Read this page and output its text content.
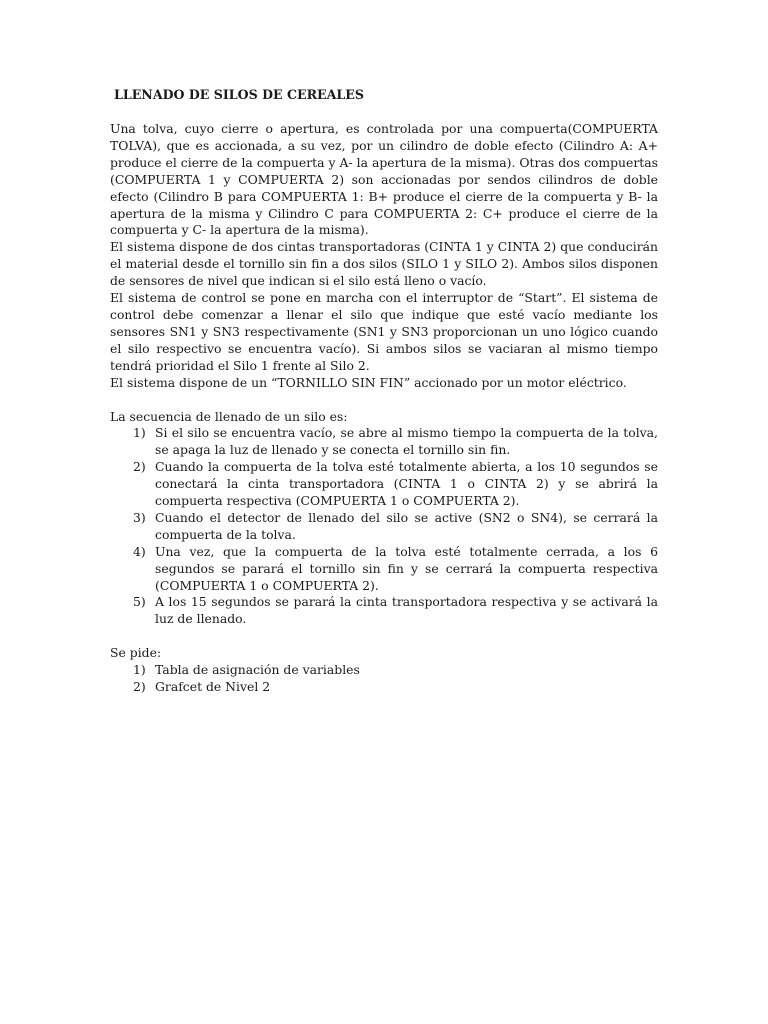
LLENADO DE SILOS DE CEREALES

Una tolva, cuyo cierre o apertura, es controlada por una compuerta(COMPUERTA TOLVA), que es accionada, a su vez, por un cilindro de doble efecto (Cilindro A: A+ produce el cierre de la compuerta y A- la apertura de la misma). Otras dos compuertas (COMPUERTA 1 y COMPUERTA 2) son accionadas por sendos cilindros de doble efecto (Cilindro B para COMPUERTA 1: B+ produce el cierre de la compuerta y B- la apertura de la misma y Cilindro C para COMPUERTA 2: C+ produce el cierre de la compuerta y C- la apertura de la misma).

El sistema dispone de dos cintas transportadoras (CINTA 1 y CINTA 2) que conducirán el material desde el tornillo sin fin a dos silos (SILO 1 y SILO 2). Ambos silos disponen de sensores de nivel que indican si el silo está lleno o vacío.

El sistema de control se pone en marcha con el interruptor de “Start”. El sistema de control debe comenzar a llenar el silo que indique que esté vacío mediante los sensores SN1 y SN3 respectivamente (SN1 y SN3 proporcionan un uno lógico cuando el silo respectivo se encuentra vacío). Si ambos silos se vaciaran al mismo tiempo tendrá prioridad el Silo 1 frente al Silo 2.

El sistema dispone de un “TORNILLO SIN FIN” accionado por un motor eléctrico.

La secuencia de llenado de un silo es:

1) Si el silo se encuentra vacío, se abre al mismo tiempo la compuerta de la tolva, se apaga la luz de llenado y se conecta el tornillo sin fin.
2) Cuando la compuerta de la tolva esté totalmente abierta, a los 10 segundos se conectará la cinta transportadora (CINTA 1 o CINTA 2) y se abrirá la compuerta respectiva (COMPUERTA 1 o COMPUERTA 2).
3) Cuando el detector de llenado del silo se active (SN2 o SN4), se cerrará la compuerta de la tolva.
4) Una vez, que la compuerta de la tolva esté totalmente cerrada, a los 6 segundos se parará el tornillo sin fin y se cerrará la compuerta respectiva (COMPUERTA 1 o COMPUERTA 2).
5) A los 15 segundos se parará la cinta transportadora respectiva y se activará la luz de llenado.

Se pide:

1) Tabla de asignación de variables
2) Grafcet de Nivel 2
